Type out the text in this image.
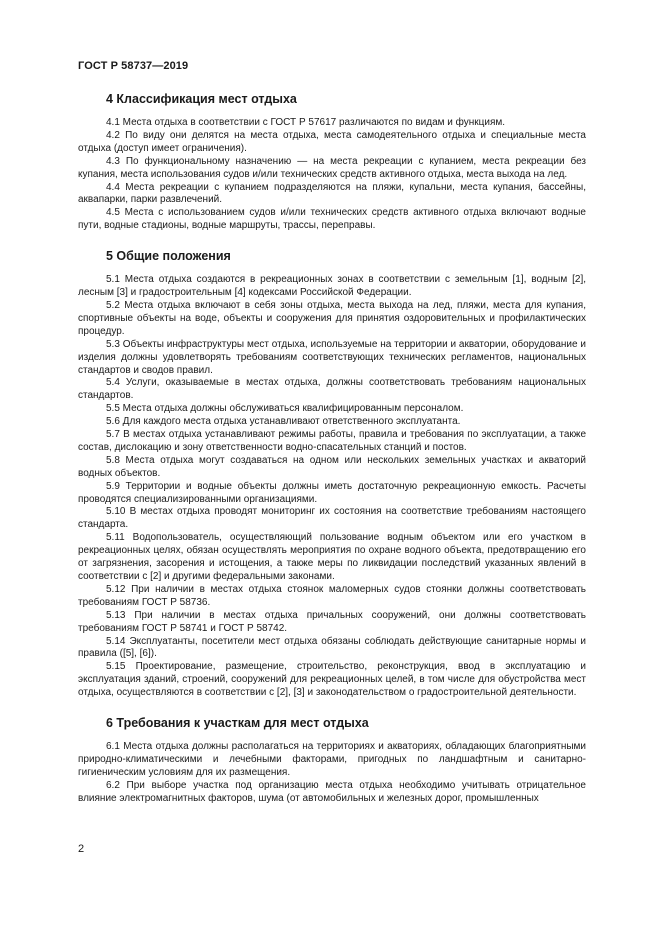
ГОСТ Р 58737—2019
4 Классификация мест отдыха

4.1 Места отдыха в соответствии с ГОСТ Р 57617 различаются по видам и функциям.

4.2 По виду они делятся на места отдыха, места самодеятельного отдыха и специальные места отдыха (доступ имеет ограничения).

4.3 По функциональному назначению — на места рекреации с купанием, места рекреации без купания, места использования судов и/или технических средств активного отдыха, места выхода на лед.

4.4 Места рекреации с купанием подразделяются на пляжи, купальни, места купания, бассейны, аквапарки, парки развлечений.

4.5 Места с использованием судов и/или технических средств активного отдыха включают водные пути, водные стадионы, водные маршруты, трассы, переправы.

5 Общие положения

5.1 Места отдыха создаются в рекреационных зонах в соответствии с земельным [1], водным [2], лесным [3] и градостроительным [4] кодексами Российской Федерации.

5.2 Места отдыха включают в себя зоны отдыха, места выхода на лед, пляжи, места для купания, спортивные объекты на воде, объекты и сооружения для принятия оздоровительных и профилактических процедур.

5.3 Объекты инфраструктуры мест отдыха, используемые на территории и акватории, оборудование и изделия должны удовлетворять требованиям соответствующих технических регламентов, национальных стандартов и сводов правил.

5.4 Услуги, оказываемые в местах отдыха, должны соответствовать требованиям национальных стандартов.

5.5 Места отдыха должны обслуживаться квалифицированным персоналом.

5.6 Для каждого места отдыха устанавливают ответственного эксплуатанта.

5.7 В местах отдыха устанавливают режимы работы, правила и требования по эксплуатации, а также состав, дислокацию и зону ответственности водно-спасательных станций и постов.

5.8 Места отдыха могут создаваться на одном или нескольких земельных участках и акваторий водных объектов.

5.9 Территории и водные объекты должны иметь достаточную рекреационную емкость. Расчеты проводятся специализированными организациями.

5.10 В местах отдыха проводят мониторинг их состояния на соответствие требованиям настоящего стандарта.

5.11 Водопользователь, осуществляющий пользование водным объектом или его участком в рекреационных целях, обязан осуществлять мероприятия по охране водного объекта, предотвращению его от загрязнения, засорения и истощения, а также меры по ликвидации последствий указанных явлений в соответствии с [2] и другими федеральными законами.

5.12 При наличии в местах отдыха стоянок маломерных судов стоянки должны соответствовать требованиям ГОСТ Р 58736.

5.13 При наличии в местах отдыха причальных сооружений, они должны соответствовать требованиям ГОСТ Р 58741 и ГОСТ Р 58742.

5.14 Эксплуатанты, посетители мест отдыха обязаны соблюдать действующие санитарные нормы и правила ([5], [6]).

5.15 Проектирование, размещение, строительство, реконструкция, ввод в эксплуатацию и эксплуатация зданий, строений, сооружений для рекреационных целей, в том числе для обустройства мест отдыха, осуществляются в соответствии с [2], [3] и законодательством о градостроительной деятельности.

6 Требования к участкам для мест отдыха

6.1 Места отдыха должны располагаться на территориях и акваториях, обладающих благоприятными природно-климатическими и лечебными факторами, пригодных по ландшафтным и санитарно-гигиеническим условиям для их размещения.

6.2 При выборе участка под организацию места отдыха необходимо учитывать отрицательное влияние электромагнитных факторов, шума (от автомобильных и железных дорог, промышленных

2
